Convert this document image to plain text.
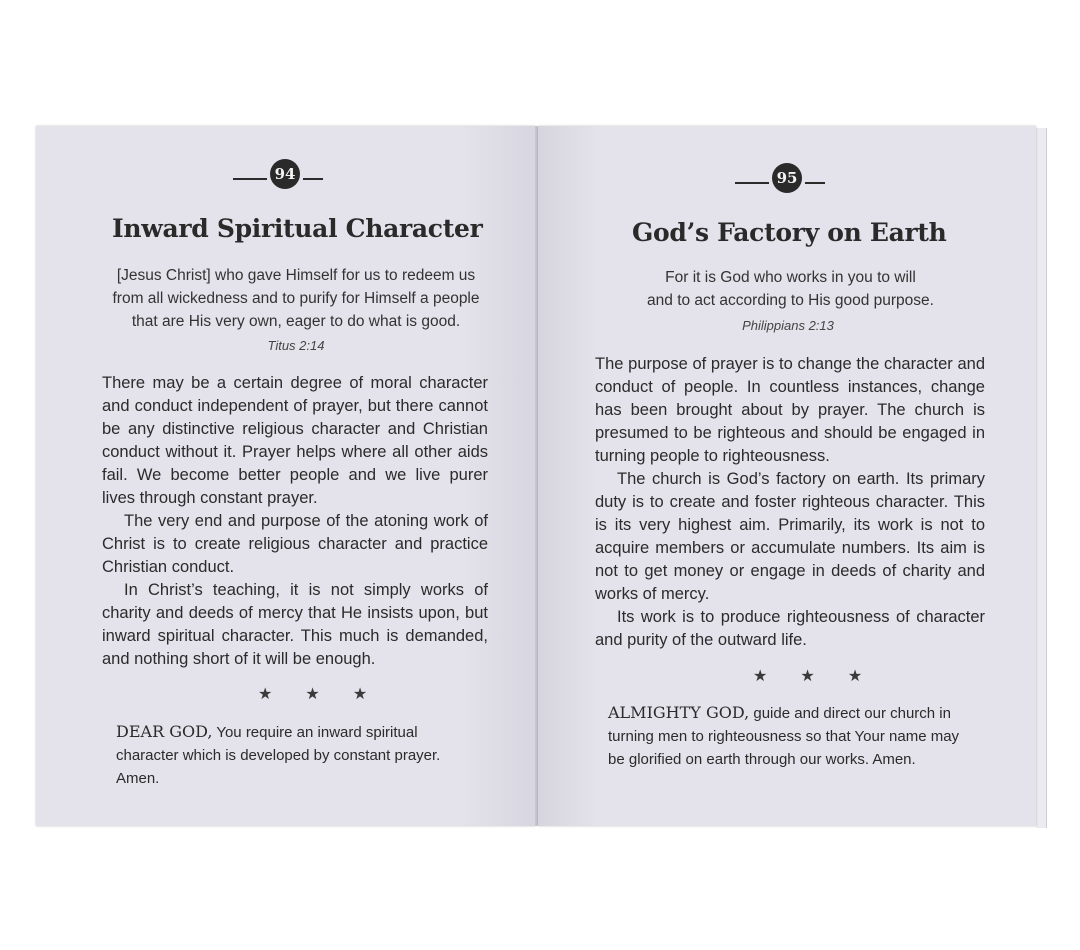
94
Inward Spiritual Character
[Jesus Christ] who gave Himself for us to redeem us
from all wickedness and to purify for Himself a people
that are His very own, eager to do what is good.
Titus 2:14

There may be a certain degree of moral character and conduct independent of prayer, but there cannot be any distinctive religious character and Christian conduct without it. Prayer helps where all other aids fail. We become better people and we live purer lives through constant prayer.

The very end and purpose of the atoning work of Christ is to create religious character and practice Christian conduct.

In Christ’s teaching, it is not simply works of charity and deeds of mercy that He insists upon, but inward spiritual character. This much is demanded, and nothing short of it will be enough.

★ ★ ★
DEAR GOD, You require an inward spiritual character which is developed by constant prayer. Amen.
95
God’s Factory on Earth
For it is God who works in you to will
and to act according to His good purpose.
Philippians 2:13

The purpose of prayer is to change the character and conduct of people. In countless instances, change has been brought about by prayer. The church is presumed to be righteous and should be engaged in turning people to righteousness.

The church is God’s factory on earth. Its primary duty is to create and foster righteous character. This is its very highest aim. Primarily, its work is not to acquire members or accumulate numbers. Its aim is not to get money or engage in deeds of charity and works of mercy.

Its work is to produce righteousness of character and purity of the outward life.

★ ★ ★
ALMIGHTY GOD, guide and direct our church in turning men to righteousness so that Your name may be glorified on earth through our works. Amen.
